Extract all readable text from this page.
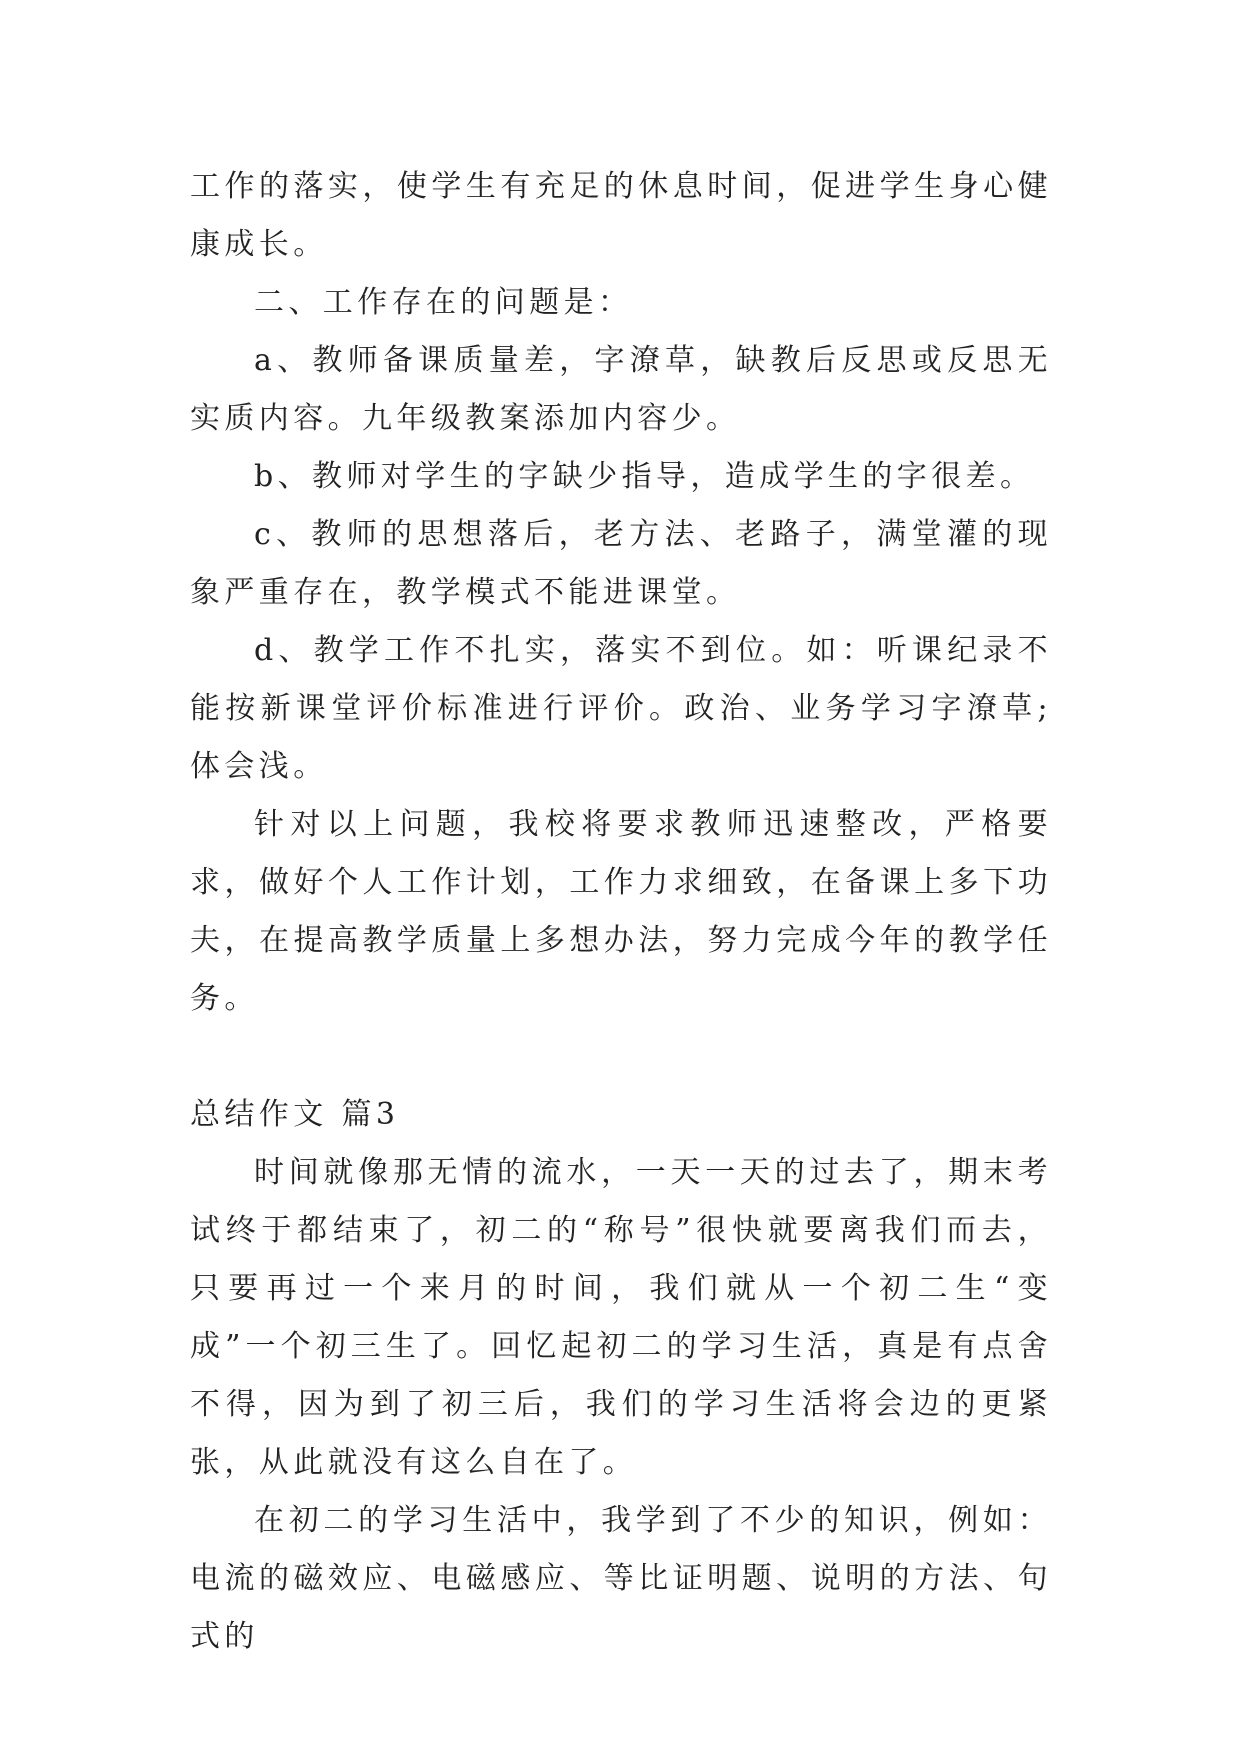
工作的落实，使学生有充足的休息时间，促进学生身心健康成长。

二、工作存在的问题是：

a、教师备课质量差，字潦草，缺教后反思或反思无实质内容。九年级教案添加内容少。

b、教师对学生的字缺少指导，造成学生的字很差。

c、教师的思想落后，老方法、老路子，满堂灌的现象严重存在，教学模式不能进课堂。

d、教学工作不扎实，落实不到位。如：听课纪录不能按新课堂评价标准进行评价。政治、业务学习字潦草;体会浅。

针对以上问题，我校将要求教师迅速整改，严格要求，做好个人工作计划，工作力求细致，在备课上多下功夫，在提高教学质量上多想办法，努力完成今年的教学任务。

总结作文 篇3

时间就像那无情的流水，一天一天的过去了，期末考试终于都结束了，初二的“称号”很快就要离我们而去，只要再过一个来月的时间，我们就从一个初二生“变成”一个初三生了。回忆起初二的学习生活，真是有点舍不得，因为到了初三后，我们的学习生活将会边的更紧张，从此就没有这么自在了。

在初二的学习生活中，我学到了不少的知识，例如：电流的磁效应、电磁感应、等比证明题、说明的方法、句式的
